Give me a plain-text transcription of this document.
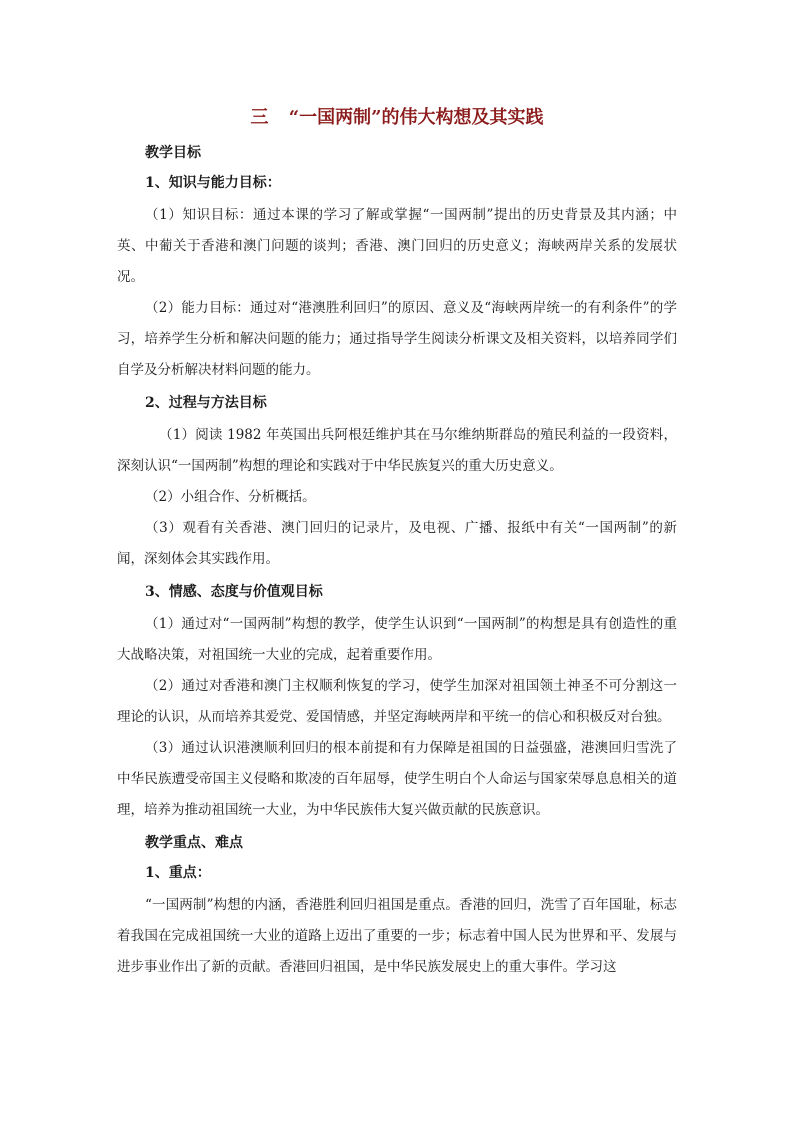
三 “一国两制”的伟大构想及其实践
教学目标
1、知识与能力目标：

（1）知识目标：通过本课的学习了解或掌握“一国两制”提出的历史背景及其内涵；中英、中葡关于香港和澳门问题的谈判；香港、澳门回归的历史意义；海峡两岸关系的发展状况。

（2）能力目标：通过对“港澳胜利回归”的原因、意义及“海峡两岸统一的有利条件”的学习，培养学生分析和解决问题的能力；通过指导学生阅读分析课文及相关资料，以培养同学们自学及分析解决材料问题的能力。

2、过程与方法目标

（1）阅读 1982 年英国出兵阿根廷维护其在马尔维纳斯群岛的殖民利益的一段资料，深刻认识“一国两制”构想的理论和实践对于中华民族复兴的重大历史意义。

（2）小组合作、分析概括。

（3）观看有关香港、澳门回归的记录片，及电视、广播、报纸中有关“一国两制”的新闻，深刻体会其实践作用。

3、情感、态度与价值观目标

（1）通过对“一国两制”构想的教学，使学生认识到“一国两制”的构想是具有创造性的重大战略决策，对祖国统一大业的完成，起着重要作用。

（2）通过对香港和澳门主权顺利恢复的学习，使学生加深对祖国领土神圣不可分割这一理论的认识，从而培养其爱党、爱国情感，并坚定海峡两岸和平统一的信心和积极反对台独。

（3）通过认识港澳顺利回归的根本前提和有力保障是祖国的日益强盛，港澳回归雪洗了中华民族遭受帝国主义侵略和欺凌的百年屈辱，使学生明白个人命运与国家荣辱息息相关的道理，培养为推动祖国统一大业，为中华民族伟大复兴做贡献的民族意识。

教学重点、难点
1、重点：

“一国两制”构想的内涵，香港胜利回归祖国是重点。香港的回归，洗雪了百年国耻，标志着我国在完成祖国统一大业的道路上迈出了重要的一步；标志着中国人民为世界和平、发展与进步事业作出了新的贡献。香港回归祖国，是中华民族发展史上的重大事件。学习这
